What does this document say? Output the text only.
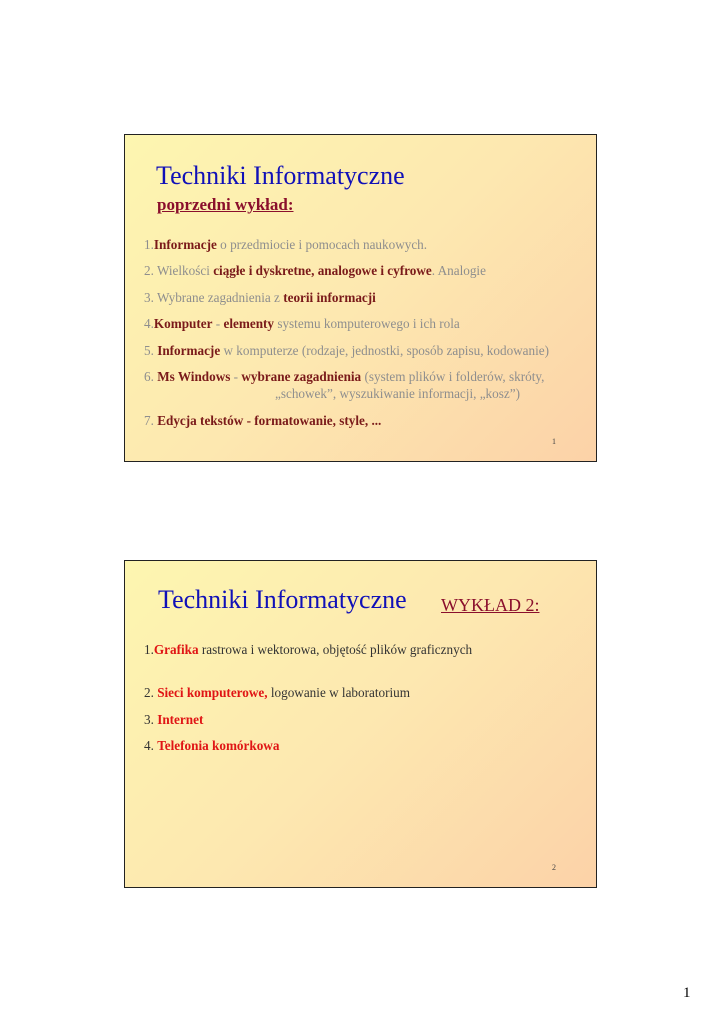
Techniki Informatyczne
poprzedni wykład:
1.Informacje o przedmiocie i pomocach naukowych.
2. Wielkości ciągłe i dyskretne, analogowe i cyfrowe. Analogie
3. Wybrane zagadnienia z teorii informacji
4.Komputer - elementy systemu komputerowego i ich rola
5. Informacje w komputerze (rodzaje, jednostki, sposób zapisu, kodowanie)
6. Ms Windows - wybrane zagadnienia (system plików i folderów, skróty,
„schowek”, wyszukiwanie informacji, „kosz”)
7. Edycja tekstów - formatowanie, style, ...
1
Techniki Informatyczne WYKŁAD 2:
1.Grafika rastrowa i wektorowa, objętość plików graficznych
2. Sieci komputerowe, logowanie w laboratorium
3. Internet
4. Telefonia komórkowa
2
1
